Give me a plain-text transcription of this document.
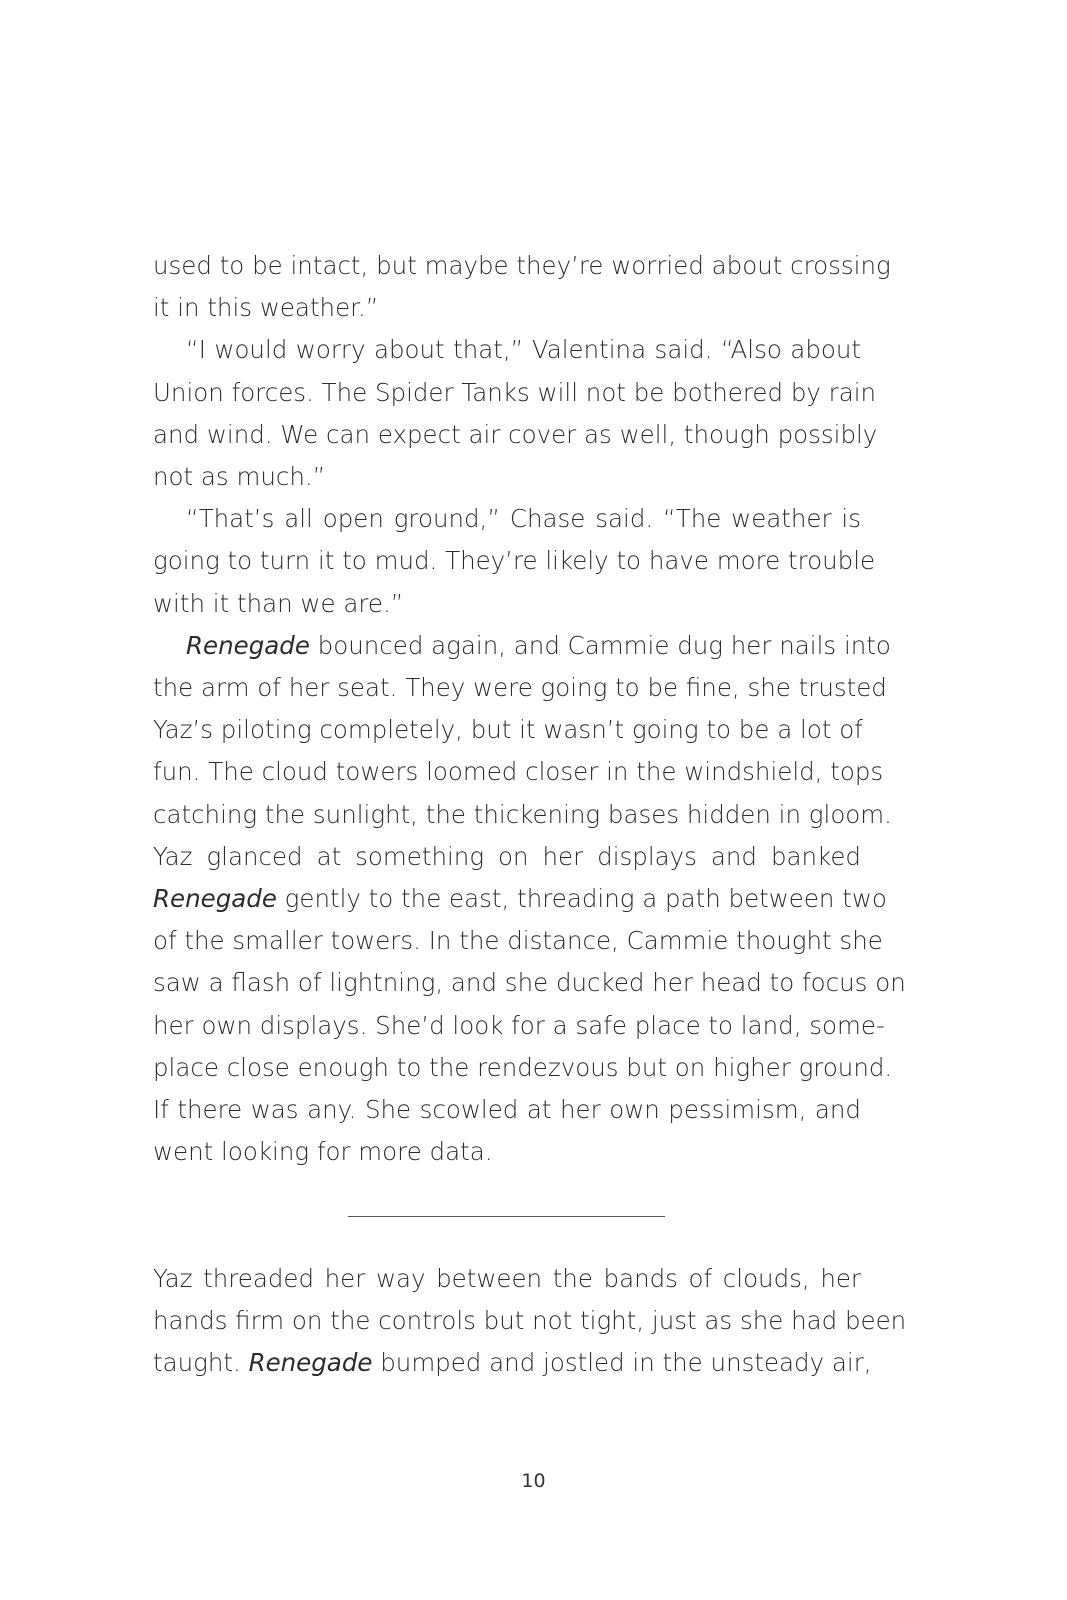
used to be intact, but maybe they’re worried about crossing
it in this weather.”
“I would worry about that,” Valentina said. “Also about
Union forces. The Spider Tanks will not be bothered by rain
and wind. We can expect air cover as well, though possibly
not as much.”
“That’s all open ground,” Chase said. “The weather is
going to turn it to mud. They’re likely to have more trouble
with it than we are.”
Renegade bounced again, and Cammie dug her nails into
the arm of her seat. They were going to be fine, she trusted
Yaz’s piloting completely, but it wasn’t going to be a lot of
fun. The cloud towers loomed closer in the windshield, tops
catching the sunlight, the thickening bases hidden in gloom.
Yaz glanced at something on her displays and banked
Renegade gently to the east, threading a path between two
of the smaller towers. In the distance, Cammie thought she
saw a flash of lightning, and she ducked her head to focus on
her own displays. She’d look for a safe place to land, some-
place close enough to the rendezvous but on higher ground.
If there was any. She scowled at her own pessimism, and
went looking for more data.
Yaz threaded her way between the bands of clouds, her
hands firm on the controls but not tight, just as she had been
taught. Renegade bumped and jostled in the unsteady air,
10
